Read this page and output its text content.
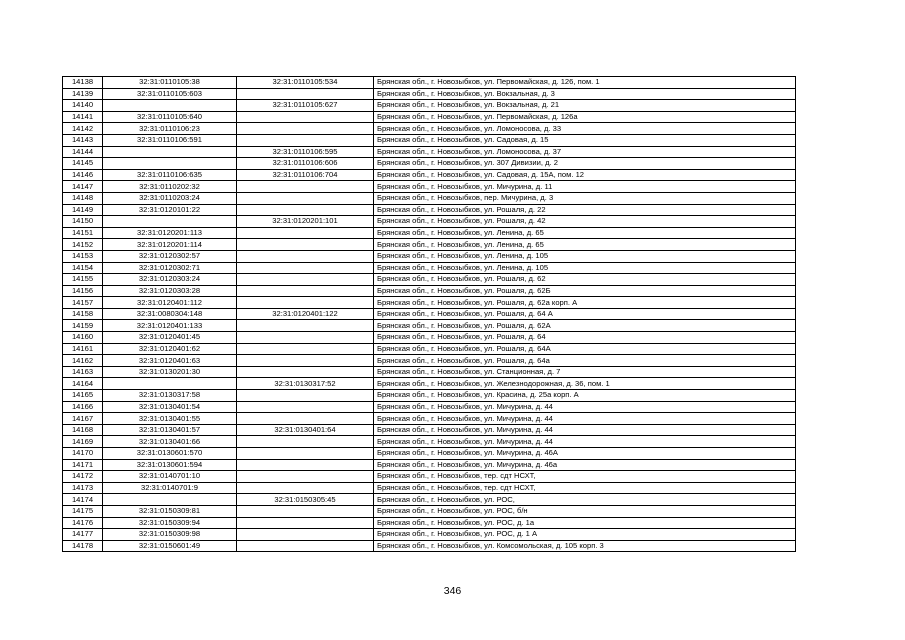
14138	32:31:0110105:38	32:31:0110105:534	Брянская обл., г. Новозыбков, ул. Первомайская, д. 126, пом. 1
14139	32:31:0110105:603		Брянская обл., г. Новозыбков, ул. Вокзальная, д. 3
14140		32:31:0110105:627	Брянская обл., г. Новозыбков, ул. Вокзальная, д. 21
14141	32:31:0110105:640		Брянская обл., г. Новозыбков, ул. Первомайская, д. 126а
14142	32:31:0110106:23		Брянская обл., г. Новозыбков, ул. Ломоносова, д. 33
14143	32:31:0110106:591		Брянская обл., г. Новозыбков, ул. Садовая, д. 15
14144		32:31:0110106:595	Брянская обл., г. Новозыбков, ул. Ломоносова, д. 37
14145		32:31:0110106:606	Брянская обл., г. Новозыбков, ул. 307 Дивизии, д. 2
14146	32:31:0110106:635	32:31:0110106:704	Брянская обл., г. Новозыбков, ул. Садовая, д. 15А, пом. 12
14147	32:31:0110202:32		Брянская обл., г. Новозыбков, ул. Мичурина, д. 11
14148	32:31:0110203:24		Брянская обл., г. Новозыбков, пер. Мичурина, д. 3
14149	32:31:0120101:22		Брянская обл., г. Новозыбков, ул. Рошаля, д. 22
14150		32:31:0120201:101	Брянская обл., г. Новозыбков, ул. Рошаля, д. 42
14151	32:31:0120201:113		Брянская обл., г. Новозыбков, ул. Ленина, д. 65
14152	32:31:0120201:114		Брянская обл., г. Новозыбков, ул. Ленина, д. 65
14153	32:31:0120302:57		Брянская обл., г. Новозыбков, ул. Ленина, д. 105
14154	32:31:0120302:71		Брянская обл., г. Новозыбков, ул. Ленина, д. 105
14155	32:31:0120303:24		Брянская обл., г. Новозыбков, ул. Рошаля, д. 62
14156	32:31:0120303:28		Брянская обл., г. Новозыбков, ул. Рошаля, д. 62Б
14157	32:31:0120401:112		Брянская обл., г. Новозыбков, ул. Рошаля, д. 62а корп. А
14158	32:31:0080304:148	32:31:0120401:122	Брянская обл., г. Новозыбков, ул. Рошаля, д. 64 А
14159	32:31:0120401:133		Брянская обл., г. Новозыбков, ул. Рошаля, д. 62А
14160	32:31:0120401:45		Брянская обл., г. Новозыбков, ул. Рошаля, д. 64
14161	32:31:0120401:62		Брянская обл., г. Новозыбков, ул. Рошаля, д. 64А
14162	32:31:0120401:63		Брянская обл., г. Новозыбков, ул. Рошаля, д. 64а
14163	32:31:0130201:30		Брянская обл., г. Новозыбков, ул. Станционная, д. 7
14164		32:31:0130317:52	Брянская обл., г. Новозыбков, ул. Железнодорожная, д. 36, пом. 1
14165	32:31:0130317:58		Брянская обл., г. Новозыбков, ул. Красина, д. 25а корп. А
14166	32:31:0130401:54		Брянская обл., г. Новозыбков, ул. Мичурина, д. 44
14167	32:31:0130401:55		Брянская обл., г. Новозыбков, ул. Мичурина, д. 44
14168	32:31:0130401:57	32:31:0130401:64	Брянская обл., г. Новозыбков, ул. Мичурина, д. 44
14169	32:31:0130401:66		Брянская обл., г. Новозыбков, ул. Мичурина, д. 44
14170	32:31:0130601:570		Брянская обл., г. Новозыбков, ул. Мичурина, д. 46А
14171	32:31:0130601:594		Брянская обл., г. Новозыбков, ул. Мичурина, д. 46а
14172	32:31:0140701:10		Брянская обл., г. Новозыбков, тер. сдт НСХТ,
14173	32:31:0140701:9		Брянская обл., г. Новозыбков, тер. сдт НСХТ,
14174		32:31:0150305:45	Брянская обл., г. Новозыбков, ул. РОС,
14175	32:31:0150309:81		Брянская обл., г. Новозыбков, ул. РОС, б/н
14176	32:31:0150309:94		Брянская обл., г. Новозыбков, ул. РОС, д. 1а
14177	32:31:0150309:98		Брянская обл., г. Новозыбков, ул. РОС, д. 1 А
14178	32:31:0150601:49		Брянская обл., г. Новозыбков, ул. Комсомольская, д. 105 корп. 3
346
